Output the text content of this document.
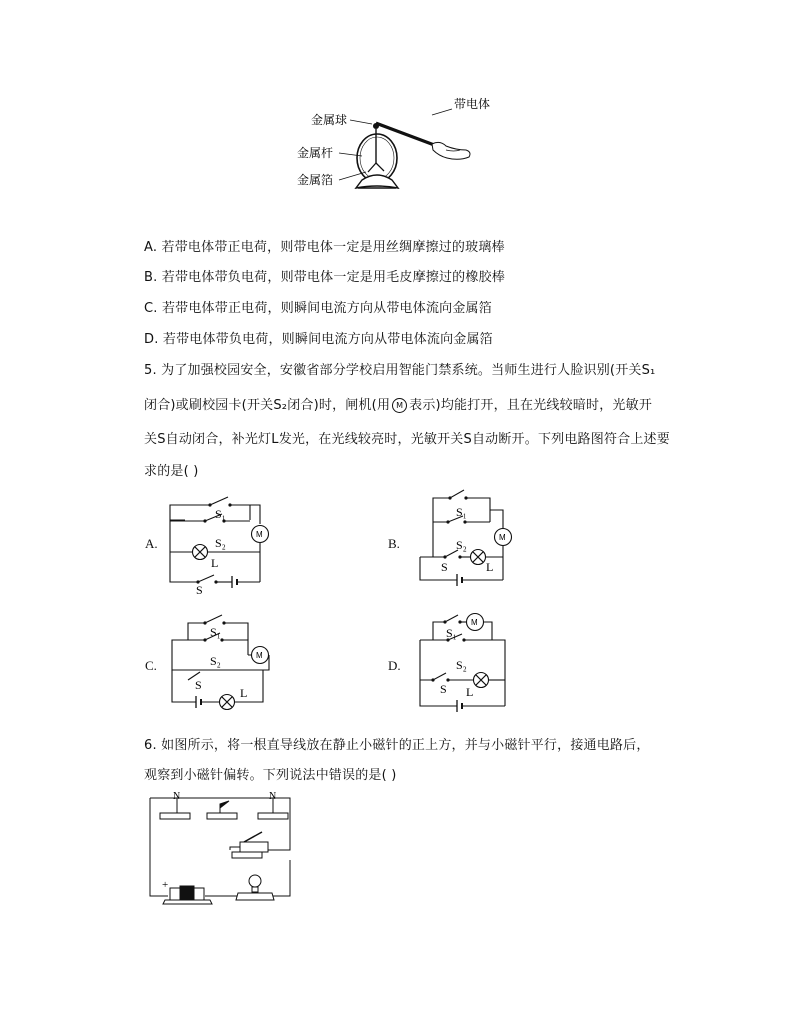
金属球
金属杆
金属箔
带电体
A. 若带电体带正电荷，则带电体一定是用丝绸摩擦过的玻璃棒
B. 若带电体带负电荷，则带电体一定是用毛皮摩擦过的橡胶棒
C. 若带电体带正电荷，则瞬间电流方向从带电体流向金属箔
D. 若带电体带负电荷，则瞬间电流方向从带电体流向金属箔
5. 为了加强校园安全，安徽省部分学校启用智能门禁系统。当师生进行人脸识别(开关S₁
闭合)或刷校园卡(开关S₂闭合)时，闸机(用 M 表示)均能打开，且在光线较暗时，光敏开
关S自动闭合，补光灯L发光，在光线较亮时，光敏开关S自动断开。下列电路图符合上述要
求的是( )
A.	B.
C.	D.
S₁
S₂
L
S
M
S₁
S₂
S	L
M
S₁
S₂
S
L
M
S₁
S₂
S L
M
6. 如图所示，将一根直导线放在静止小磁针的正上方，并与小磁针平行，接通电路后，
观察到小磁针偏转。下列说法中错误的是( )
N	N
+
